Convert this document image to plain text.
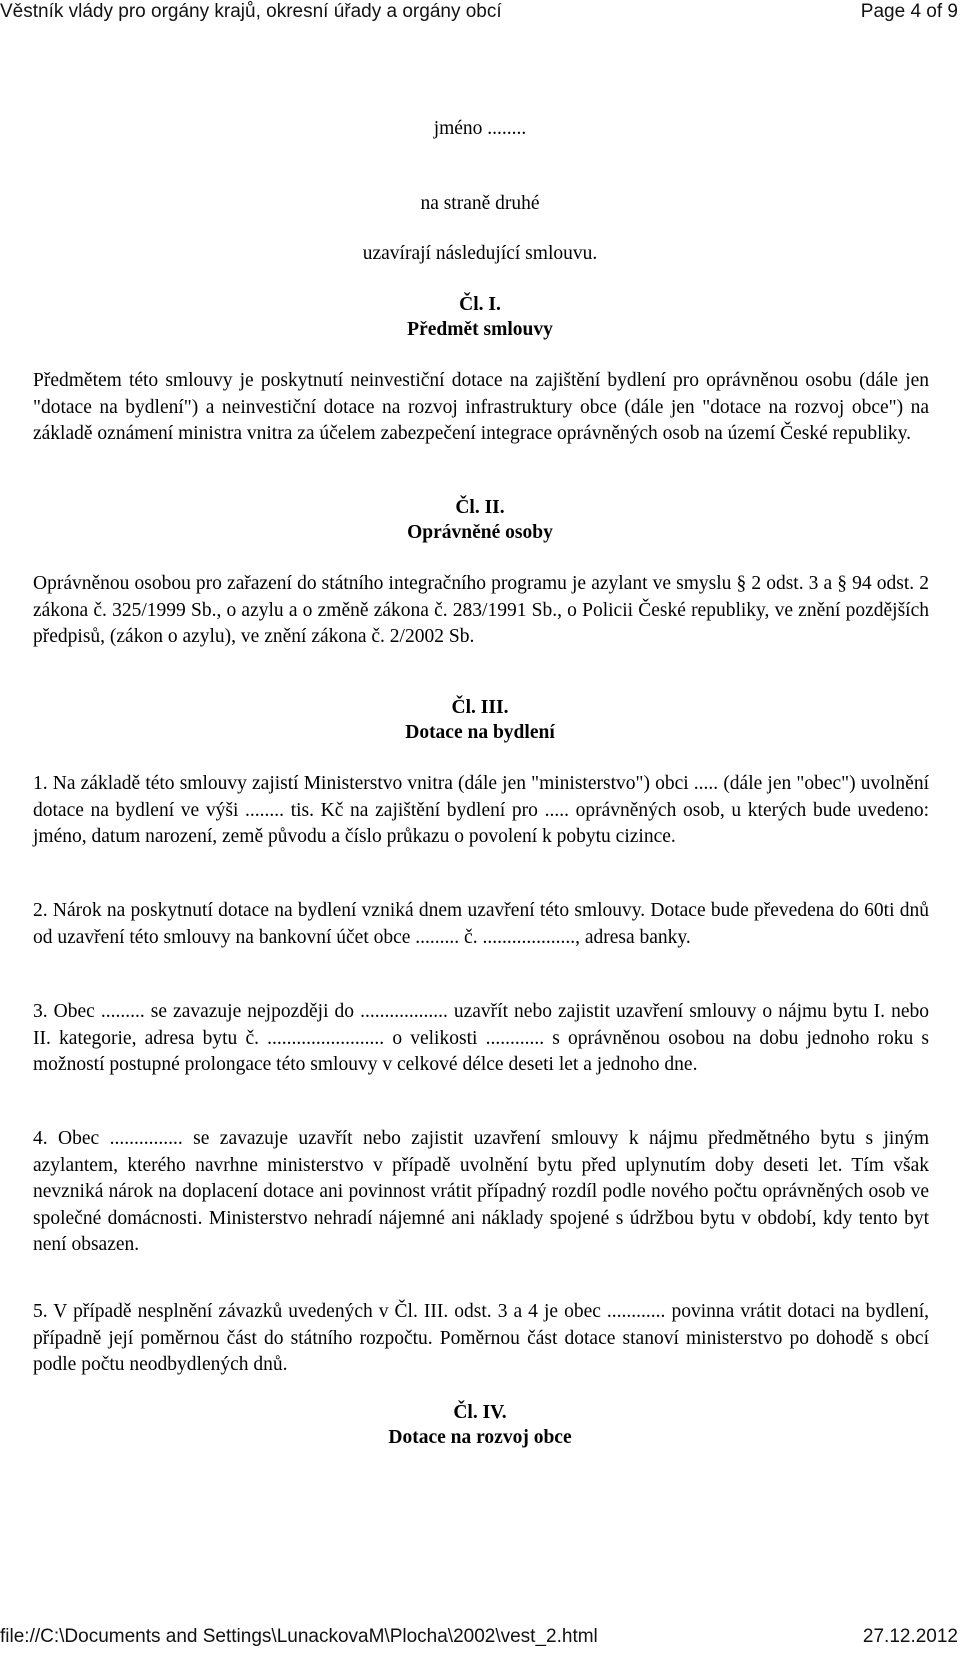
Věstník vlády pro orgány krajů, okresní úřady a orgány obcí	Page 4 of 9
jméno ........
na straně druhé
uzavírají následující smlouvu.
Čl. I.
Předmět smlouvy
Předmětem této smlouvy je poskytnutí neinvestiční dotace na zajištění bydlení pro oprávněnou osobu (dále jen "dotace na bydlení") a neinvestiční dotace na rozvoj infrastruktury obce (dále jen "dotace na rozvoj obce") na základě oznámení ministra vnitra za účelem zabezpečení integrace oprávněných osob na území České republiky.
Čl. II.
Oprávněné osoby
Oprávněnou osobou pro zařazení do státního integračního programu je azylant ve smyslu § 2 odst. 3 a § 94 odst. 2 zákona č. 325/1999 Sb., o azylu a o změně zákona č. 283/1991 Sb., o Policii České republiky, ve znění pozdějších předpisů, (zákon o azylu), ve znění zákona č. 2/2002 Sb.
Čl. III.
Dotace na bydlení
1. Na základě této smlouvy zajistí Ministerstvo vnitra (dále jen "ministerstvo") obci ..... (dále jen "obec") uvolnění dotace na bydlení ve výši ........ tis. Kč na zajištění bydlení pro ..... oprávněných osob, u kterých bude uvedeno: jméno, datum narození, země původu a číslo průkazu o povolení k pobytu cizince.
2. Nárok na poskytnutí dotace na bydlení vzniká dnem uzavření této smlouvy. Dotace bude převedena do 60ti dnů od uzavření této smlouvy na bankovní účet obce ......... č. ..................., adresa banky.
3. Obec ......... se zavazuje nejpozději do .................. uzavřít nebo zajistit uzavření smlouvy o nájmu bytu I. nebo II. kategorie, adresa bytu č. ........................ o velikosti ............ s oprávněnou osobou na dobu jednoho roku s možností postupné prolongace této smlouvy v celkové délce deseti let a jednoho dne.
4. Obec ............... se zavazuje uzavřít nebo zajistit uzavření smlouvy k nájmu předmětného bytu s jiným azylantem, kterého navrhne ministerstvo v případě uvolnění bytu před uplynutím doby deseti let. Tím však nevzniká nárok na doplacení dotace ani povinnost vrátit případný rozdíl podle nového počtu oprávněných osob ve společné domácnosti. Ministerstvo nehradí nájemné ani náklady spojené s údržbou bytu v období, kdy tento byt není obsazen.
5. V případě nesplnění závazků uvedených v Čl. III. odst. 3 a 4 je obec ............ povinna vrátit dotaci na bydlení, případně její poměrnou část do státního rozpočtu. Poměrnou část dotace stanoví ministerstvo po dohodě s obcí podle počtu neodbydlených dnů.
Čl. IV.
Dotace na rozvoj obce
file://C:\Documents and Settings\LunackovaM\Plocha\2002\vest_2.html	27.12.2012
